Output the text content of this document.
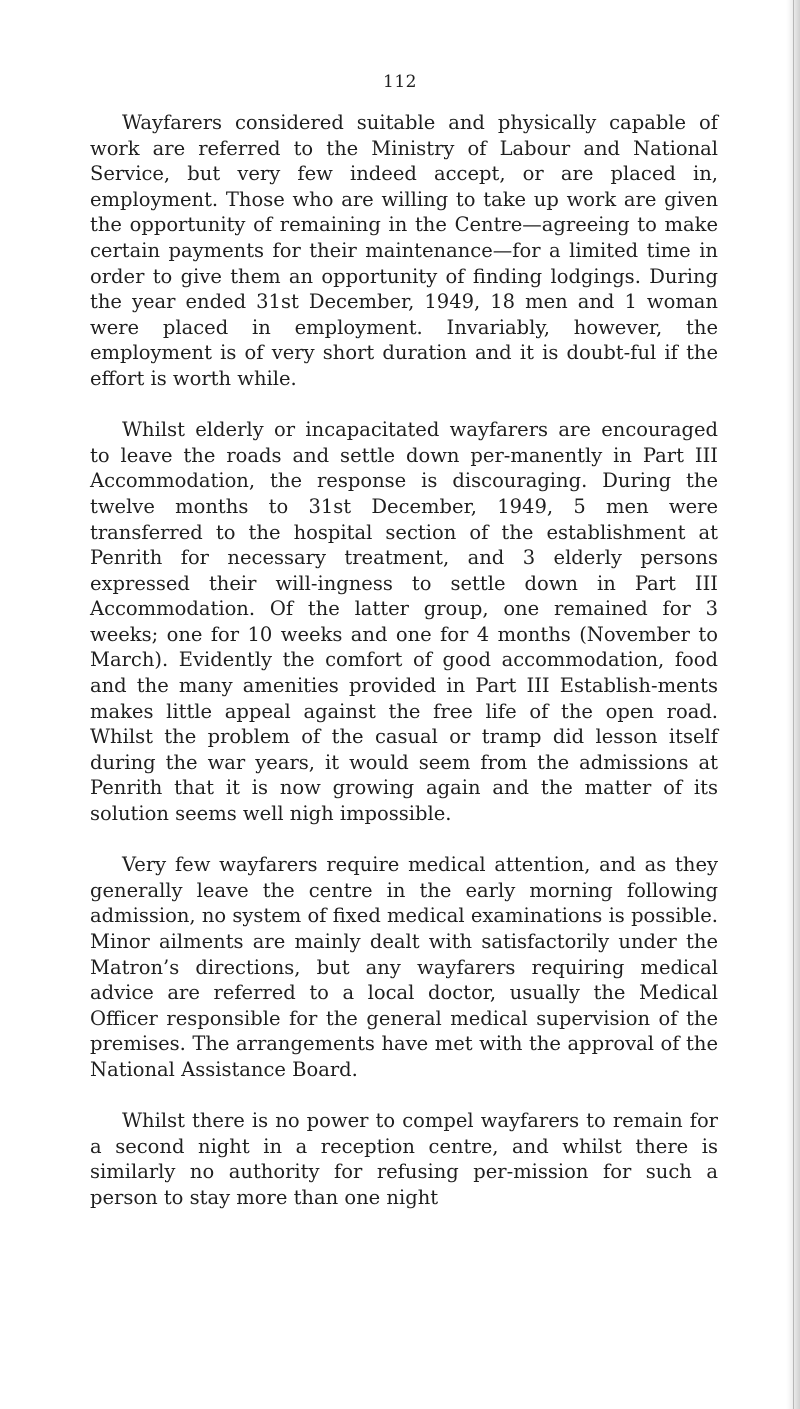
112

Wayfarers considered suitable and physically capable of work are referred to the Ministry of Labour and National Service, but very few indeed accept, or are placed in, employment. Those who are willing to take up work are given the opportunity of remaining in the Centre—agreeing to make certain payments for their maintenance—for a limited time in order to give them an opportunity of finding lodgings. During the year ended 31st December, 1949, 18 men and 1 woman were placed in employment. Invariably, however, the employment is of very short duration and it is doubt-ful if the effort is worth while.

Whilst elderly or incapacitated wayfarers are encouraged to leave the roads and settle down per-manently in Part III Accommodation, the response is discouraging. During the twelve months to 31st December, 1949, 5 men were transferred to the hospital section of the establishment at Penrith for necessary treatment, and 3 elderly persons expressed their will-ingness to settle down in Part III Accommodation. Of the latter group, one remained for 3 weeks; one for 10 weeks and one for 4 months (November to March). Evidently the comfort of good accommodation, food and the many amenities provided in Part III Establish-ments makes little appeal against the free life of the open road. Whilst the problem of the casual or tramp did lesson itself during the war years, it would seem from the admissions at Penrith that it is now growing again and the matter of its solution seems well nigh impossible.

Very few wayfarers require medical attention, and as they generally leave the centre in the early morning following admission, no system of fixed medical examinations is possible. Minor ailments are mainly dealt with satisfactorily under the Matron’s directions, but any wayfarers requiring medical advice are referred to a local doctor, usually the Medical Officer responsible for the general medical supervision of the premises. The arrangements have met with the approval of the National Assistance Board.

Whilst there is no power to compel wayfarers to remain for a second night in a reception centre, and whilst there is similarly no authority for refusing per-mission for such a person to stay more than one night
